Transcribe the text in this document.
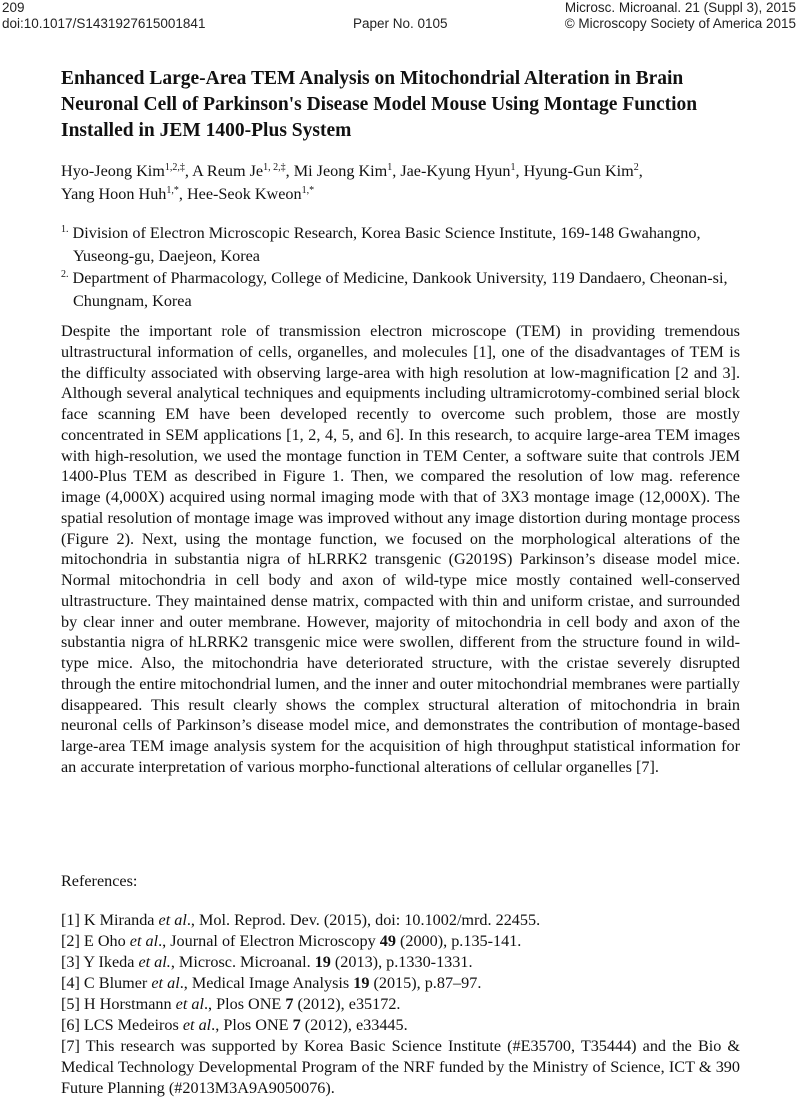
209
doi:10.1017/S1431927615001841	Paper No. 0105
Microsc. Microanal. 21 (Suppl 3), 2015
© Microscopy Society of America 2015
Enhanced Large-Area TEM Analysis on Mitochondrial Alteration in Brain Neuronal Cell of Parkinson's Disease Model Mouse Using Montage Function Installed in JEM 1400-Plus System
Hyo-Jeong Kim$^{1,2,\ddagger}$, A Reum $Je^{1, 2,\ddagger}$, Mi Jeong Kim$^1$, Jae-Kyung Hyun$^1$, Hyung-Gun Kim$^2$,
Yang Hoon Huh$^{1,*}$, Hee-Seok Kweon$^{1,*}$
$^{1.}$ Division of Electron Microscopic Research, Korea Basic Science Institute, 169-148 Gwahangno, Yuseong-gu, Daejeon, Korea
$^{2.}$ Department of Pharmacology, College of Medicine, Dankook University, 119 Dandaero, Cheonan-si, Chungnam, Korea
Despite the important role of transmission electron microscope (TEM) in providing tremendous ultrastructural information of cells, organelles, and molecules [1], one of the disadvantages of TEM is the difficulty associated with observing large-area with high resolution at low-magnification [2 and 3]. Although several analytical techniques and equipments including ultramicrotomy-combined serial block face scanning EM have been developed recently to overcome such problem, those are mostly concentrated in SEM applications [1, 2, 4, 5, and 6]. In this research, to acquire large-area TEM images with high-resolution, we used the montage function in TEM Center, a software suite that controls JEM 1400-Plus TEM as described in Figure 1. Then, we compared the resolution of low mag. reference image (4,000X) acquired using normal imaging mode with that of 3X3 montage image (12,000X). The spatial resolution of montage image was improved without any image distortion during montage process (Figure 2). Next, using the montage function, we focused on the morphological alterations of the mitochondria in substantia nigra of hLRRK2 transgenic (G2019S) Parkinson’s disease model mice. Normal mitochondria in cell body and axon of wild-type mice mostly contained well-conserved ultrastructure. They maintained dense matrix, compacted with thin and uniform cristae, and surrounded by clear inner and outer membrane. However, majority of mitochondria in cell body and axon of the substantia nigra of hLRRK2 transgenic mice were swollen, different from the structure found in wild-type mice. Also, the mitochondria have deteriorated structure, with the cristae severely disrupted through the entire mitochondrial lumen, and the inner and outer mitochondrial membranes were partially disappeared. This result clearly shows the complex structural alteration of mitochondria in brain neuronal cells of Parkinson’s disease model mice, and demonstrates the contribution of montage-based large-area TEM image analysis system for the acquisition of high throughput statistical information for an accurate interpretation of various morpho-functional alterations of cellular organelles [7].
References:
[1] K Miranda et al., Mol. Reprod. Dev. (2015), doi: 10.1002/mrd. 22455.
[2] E Oho et al., Journal of Electron Microscopy 49 (2000), p.135-141.
[3] Y Ikeda et al., Microsc. Microanal. 19 (2013), p.1330-1331.
[4] C Blumer et al., Medical Image Analysis 19 (2015), p.87–97.
[5] H Horstmann et al., Plos ONE 7 (2012), e35172.
[6] LCS Medeiros et al., Plos ONE 7 (2012), e33445.
[7] This research was supported by Korea Basic Science Institute (#E35700, T35444) and the Bio & Medical Technology Developmental Program of the NRF funded by the Ministry of Science, ICT & 390 Future Planning (#2013M3A9A9050076).
